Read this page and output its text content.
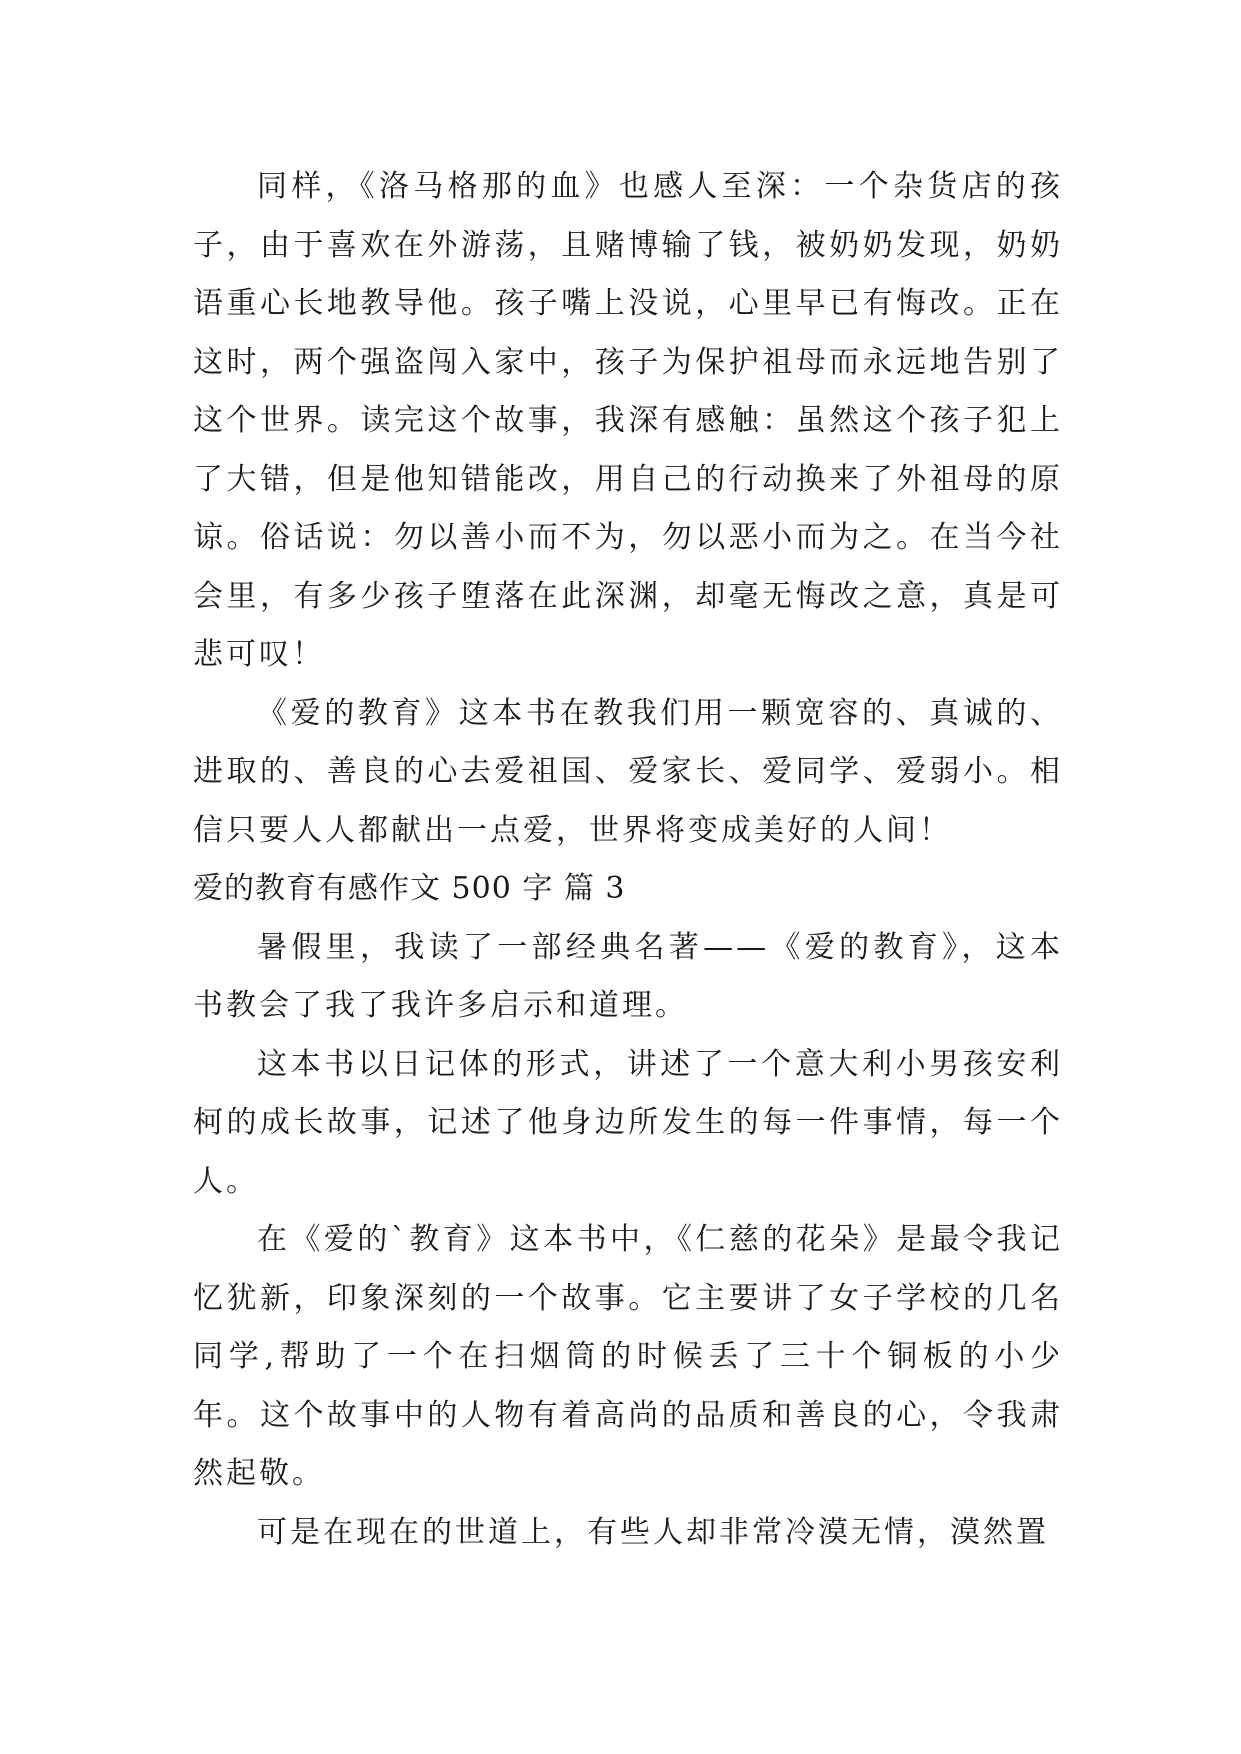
同样，《洛马格那的血》也感人至深：一个杂货店的孩子，由于喜欢在外游荡，且赌博输了钱，被奶奶发现，奶奶语重心长地教导他。孩子嘴上没说，心里早已有悔改。正在这时，两个强盗闯入家中，孩子为保护祖母而永远地告别了这个世界。读完这个故事，我深有感触：虽然这个孩子犯上了大错，但是他知错能改，用自己的行动换来了外祖母的原谅。俗话说：勿以善小而不为，勿以恶小而为之。在当今社会里，有多少孩子堕落在此深渊，却毫无悔改之意，真是可悲可叹！

《爱的教育》这本书在教我们用一颗宽容的、真诚的、进取的、善良的心去爱祖国、爱家长、爱同学、爱弱小。相信只要人人都献出一点爱，世界将变成美好的人间！

爱的教育有感作文 500 字 篇 3

暑假里，我读了一部经典名著——《爱的教育》，这本书教会了我了我许多启示和道理。

这本书以日记体的形式，讲述了一个意大利小男孩安利柯的成长故事，记述了他身边所发生的每一件事情，每一个人。

在《爱的`教育》这本书中，《仁慈的花朵》是最令我记忆犹新，印象深刻的一个故事。它主要讲了女子学校的几名同学,帮助了一个在扫烟筒的时候丢了三十个铜板的小少年。这个故事中的人物有着高尚的品质和善良的心，令我肃然起敬。

可是在现在的世道上，有些人却非常冷漠无情，漠然置
